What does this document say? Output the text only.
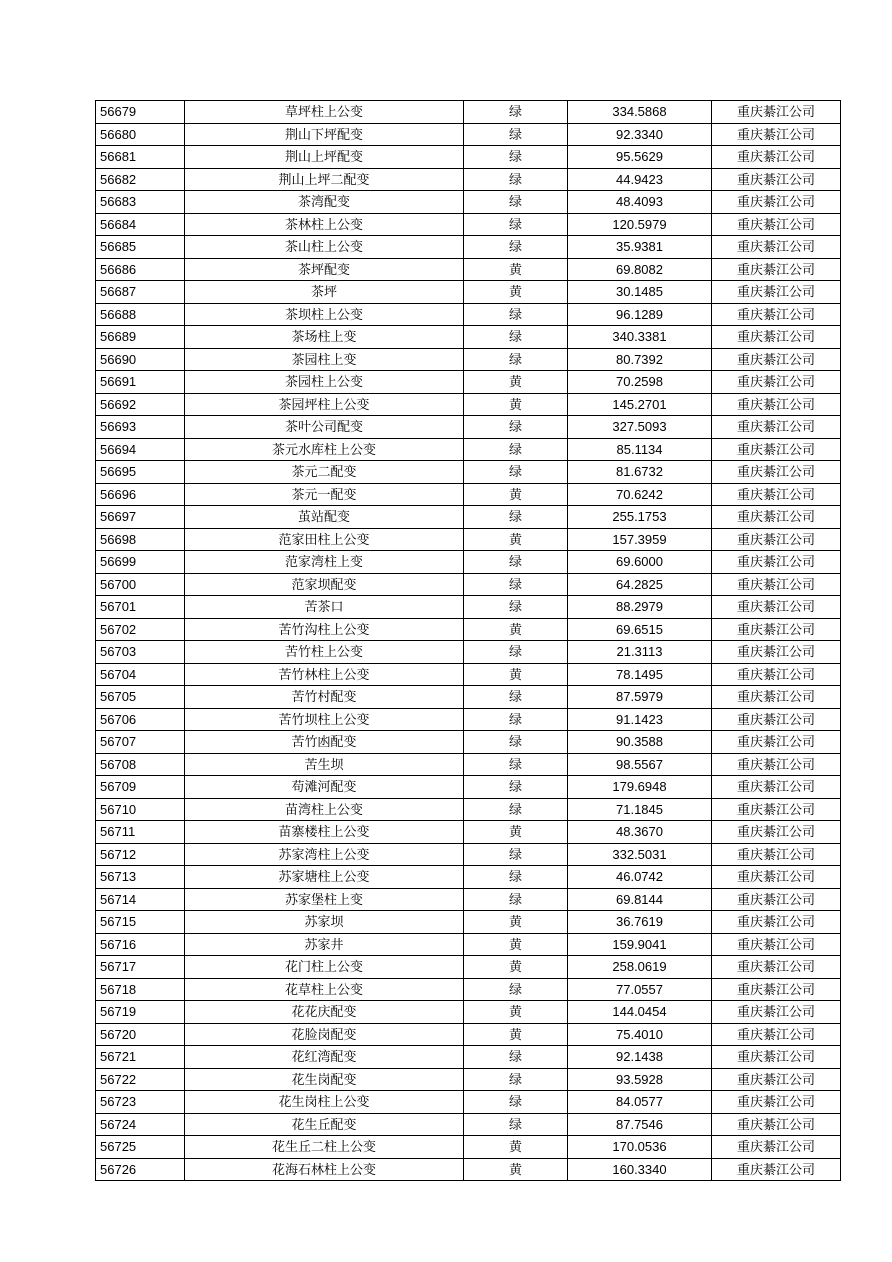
56679	草坪柱上公变	绿	334.5868	重庆綦江公司
56680	荆山下坪配变	绿	92.3340	重庆綦江公司
56681	荆山上坪配变	绿	95.5629	重庆綦江公司
56682	荆山上坪二配变	绿	44.9423	重庆綦江公司
56683	茶湾配变	绿	48.4093	重庆綦江公司
56684	茶林柱上公变	绿	120.5979	重庆綦江公司
56685	茶山柱上公变	绿	35.9381	重庆綦江公司
56686	茶坪配变	黄	69.8082	重庆綦江公司
56687	茶坪	黄	30.1485	重庆綦江公司
56688	茶坝柱上公变	绿	96.1289	重庆綦江公司
56689	茶场柱上变	绿	340.3381	重庆綦江公司
56690	茶园柱上变	绿	80.7392	重庆綦江公司
56691	茶园柱上公变	黄	70.2598	重庆綦江公司
56692	茶园坪柱上公变	黄	145.2701	重庆綦江公司
56693	茶叶公司配变	绿	327.5093	重庆綦江公司
56694	茶元水库柱上公变	绿	85.1134	重庆綦江公司
56695	茶元二配变	绿	81.6732	重庆綦江公司
56696	茶元一配变	黄	70.6242	重庆綦江公司
56697	茧站配变	绿	255.1753	重庆綦江公司
56698	范家田柱上公变	黄	157.3959	重庆綦江公司
56699	范家湾柱上变	绿	69.6000	重庆綦江公司
56700	范家坝配变	绿	64.2825	重庆綦江公司
56701	苦茶口	绿	88.2979	重庆綦江公司
56702	苦竹沟柱上公变	黄	69.6515	重庆綦江公司
56703	苦竹柱上公变	绿	21.3113	重庆綦江公司
56704	苦竹林柱上公变	黄	78.1495	重庆綦江公司
56705	苦竹村配变	绿	87.5979	重庆綦江公司
56706	苦竹坝柱上公变	绿	91.1423	重庆綦江公司
56707	苦竹凼配变	绿	90.3588	重庆綦江公司
56708	苦生坝	绿	98.5567	重庆綦江公司
56709	苟滩河配变	绿	179.6948	重庆綦江公司
56710	苗湾柱上公变	绿	71.1845	重庆綦江公司
56711	苗寨楼柱上公变	黄	48.3670	重庆綦江公司
56712	苏家湾柱上公变	绿	332.5031	重庆綦江公司
56713	苏家塘柱上公变	绿	46.0742	重庆綦江公司
56714	苏家堡柱上变	绿	69.8144	重庆綦江公司
56715	苏家坝	黄	36.7619	重庆綦江公司
56716	苏家井	黄	159.9041	重庆綦江公司
56717	花门柱上公变	黄	258.0619	重庆綦江公司
56718	花草柱上公变	绿	77.0557	重庆綦江公司
56719	花花庆配变	黄	144.0454	重庆綦江公司
56720	花脸岗配变	黄	75.4010	重庆綦江公司
56721	花红湾配变	绿	92.1438	重庆綦江公司
56722	花生岗配变	绿	93.5928	重庆綦江公司
56723	花生岗柱上公变	绿	84.0577	重庆綦江公司
56724	花生丘配变	绿	87.7546	重庆綦江公司
56725	花生丘二柱上公变	黄	170.0536	重庆綦江公司
56726	花海石林柱上公变	黄	160.3340	重庆綦江公司
